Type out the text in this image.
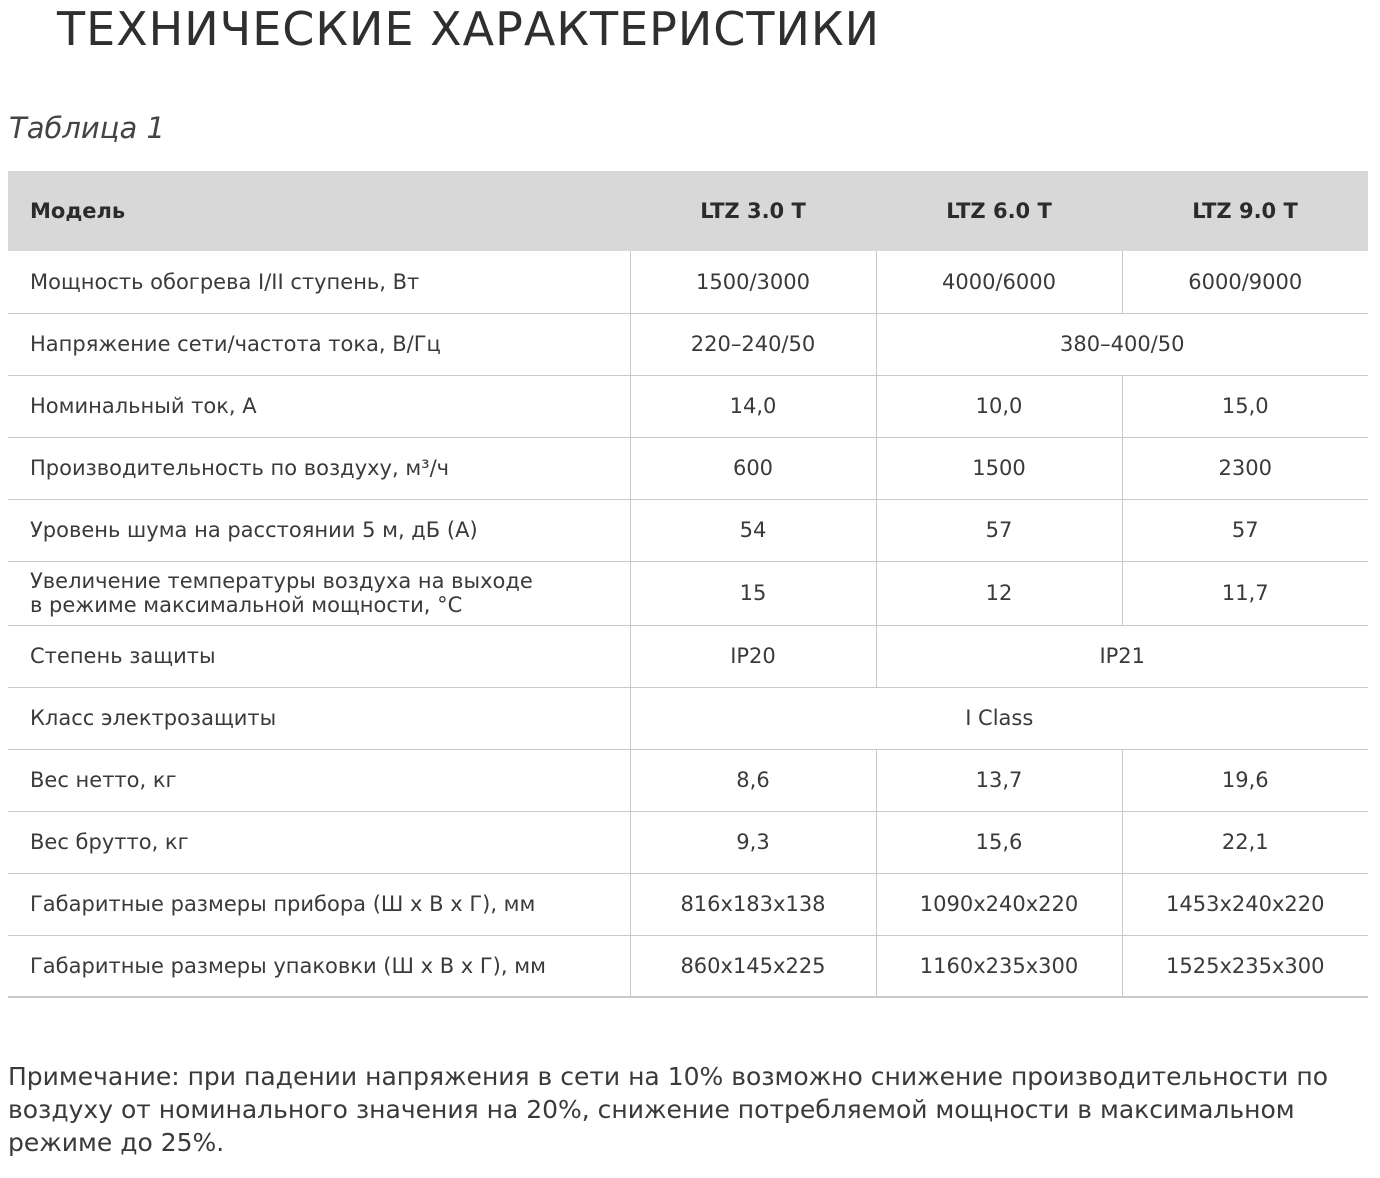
ТЕХНИЧЕСКИЕ ХАРАКТЕРИСТИКИ
Таблица 1
Модель	LTZ 3.0 T	LTZ 6.0 T	LTZ 9.0 T
Мощность обогрева I/II ступень, Вт	1500/3000	4000/6000	6000/9000
Напряжение сети/частота тока, В/Гц	220–240/50	380–400/50	
Номинальный ток, А	14,0	10,0	15,0
Производительность по воздуху, м³/ч	600	1500	2300
Уровень шума на расстоянии 5 м, дБ (А)	54	57	57
Увеличение температуры воздуха на выходе
в режиме максимальной мощности, °С	15	12	11,7
Степень защиты	IP20	IP21	
Класс электрозащиты	I Class		
Вес нетто, кг	8,6	13,7	19,6
Вес брутто, кг	9,3	15,6	22,1
Габаритные размеры прибора (Ш х В х Г), мм	816x183x138	1090x240x220	1453x240x220
Габаритные размеры упаковки (Ш х В х Г), мм	860x145x225	1160x235x300	1525x235x300

Примечание: при падении напряжения в сети на 10% возможно снижение производительности по воздуху от номинального значения на 20%, снижение потребляемой мощности в максимальном режиме до 25%.
